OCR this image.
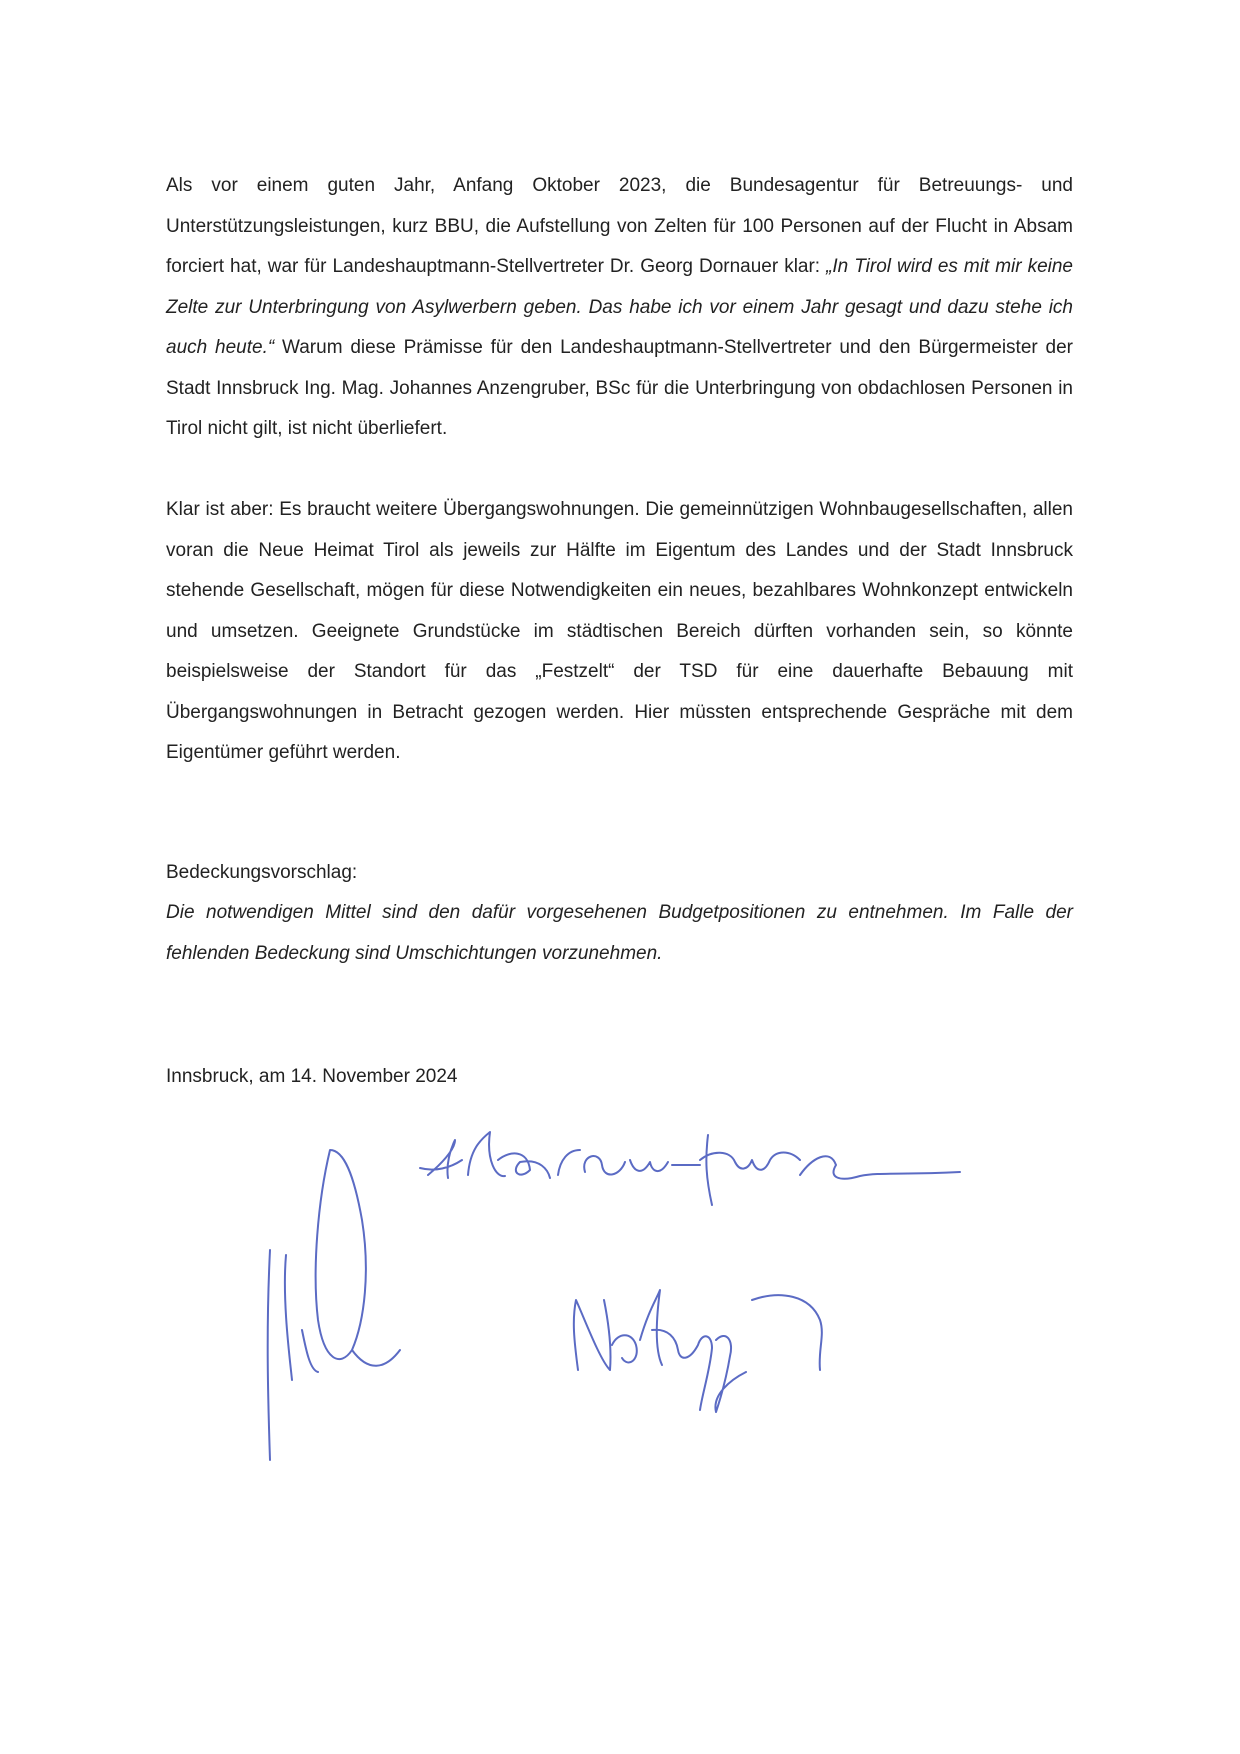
Als vor einem guten Jahr, Anfang Oktober 2023, die Bundesagentur für Betreuungs- und Unterstützungsleistungen, kurz BBU, die Aufstellung von Zelten für 100 Personen auf der Flucht in Absam forciert hat, war für Landeshauptmann-Stellvertreter Dr. Georg Dornauer klar: „In Tirol wird es mit mir keine Zelte zur Unterbringung von Asylwerbern geben. Das habe ich vor einem Jahr gesagt und dazu stehe ich auch heute.“ Warum diese Prämisse für den Landeshauptmann-Stellvertreter und den Bürgermeister der Stadt Innsbruck Ing. Mag. Johannes Anzengruber, BSc für die Unterbringung von obdachlosen Personen in Tirol nicht gilt, ist nicht überliefert.

Klar ist aber: Es braucht weitere Übergangswohnungen. Die gemeinnützigen Wohnbaugesellschaften, allen voran die Neue Heimat Tirol als jeweils zur Hälfte im Eigentum des Landes und der Stadt Innsbruck stehende Gesellschaft, mögen für diese Notwendigkeiten ein neues, bezahlbares Wohnkonzept entwickeln und umsetzen. Geeignete Grundstücke im städtischen Bereich dürften vorhanden sein, so könnte beispielsweise der Standort für das „Festzelt“ der TSD für eine dauerhafte Bebauung mit Übergangswohnungen in Betracht gezogen werden. Hier müssten entsprechende Gespräche mit dem Eigentümer geführt werden.

Bedeckungsvorschlag:

Die notwendigen Mittel sind den dafür vorgesehenen Budgetpositionen zu entnehmen. Im Falle der fehlenden Bedeckung sind Umschichtungen vorzunehmen.

Innsbruck, am 14. November 2024
